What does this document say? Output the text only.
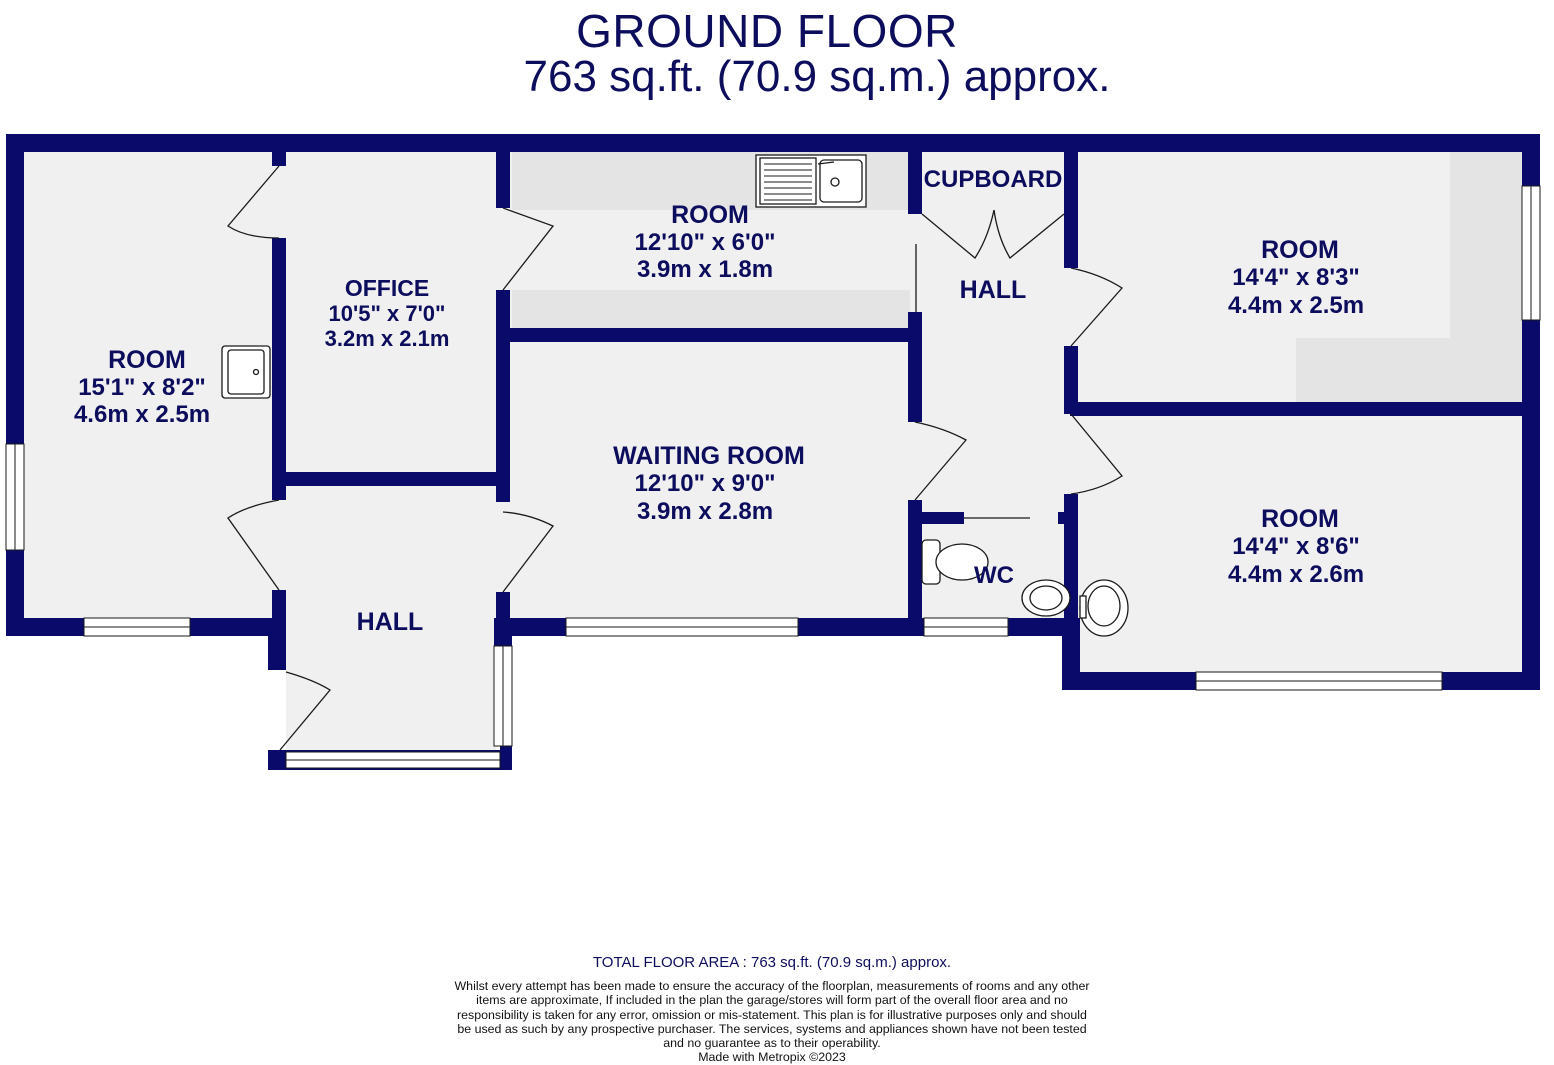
GROUND FLOOR
763 sq.ft. (70.9 sq.m.) approx.
ROOM
15'1" x 8'2"
4.6m x 2.5m
OFFICE
10'5" x 7'0"
3.2m x 2.1m
ROOM
12'10" x 6'0"
3.9m x 1.8m
WAITING ROOM
12'10" x 9'0"
3.9m x 2.8m
CUPBOARD
HALL
HALL
WC
ROOM
14'4" x 8'3"
4.4m x 2.5m
ROOM
14'4" x 8'6"
4.4m x 2.6m
TOTAL FLOOR AREA : 763 sq.ft. (70.9 sq.m.) approx.
Whilst every attempt has been made to ensure the accuracy of the floorplan, measurements of rooms and any other items are approximate, If included in the plan the garage/stores will form part of the overall floor area and no responsibility is taken for any error, omission or mis-statement. This plan is for illustrative purposes only and should be used as such by any prospective purchaser. The services, systems and appliances shown have not been tested and no guarantee as to their operability.
Made with Metropix ©2023
